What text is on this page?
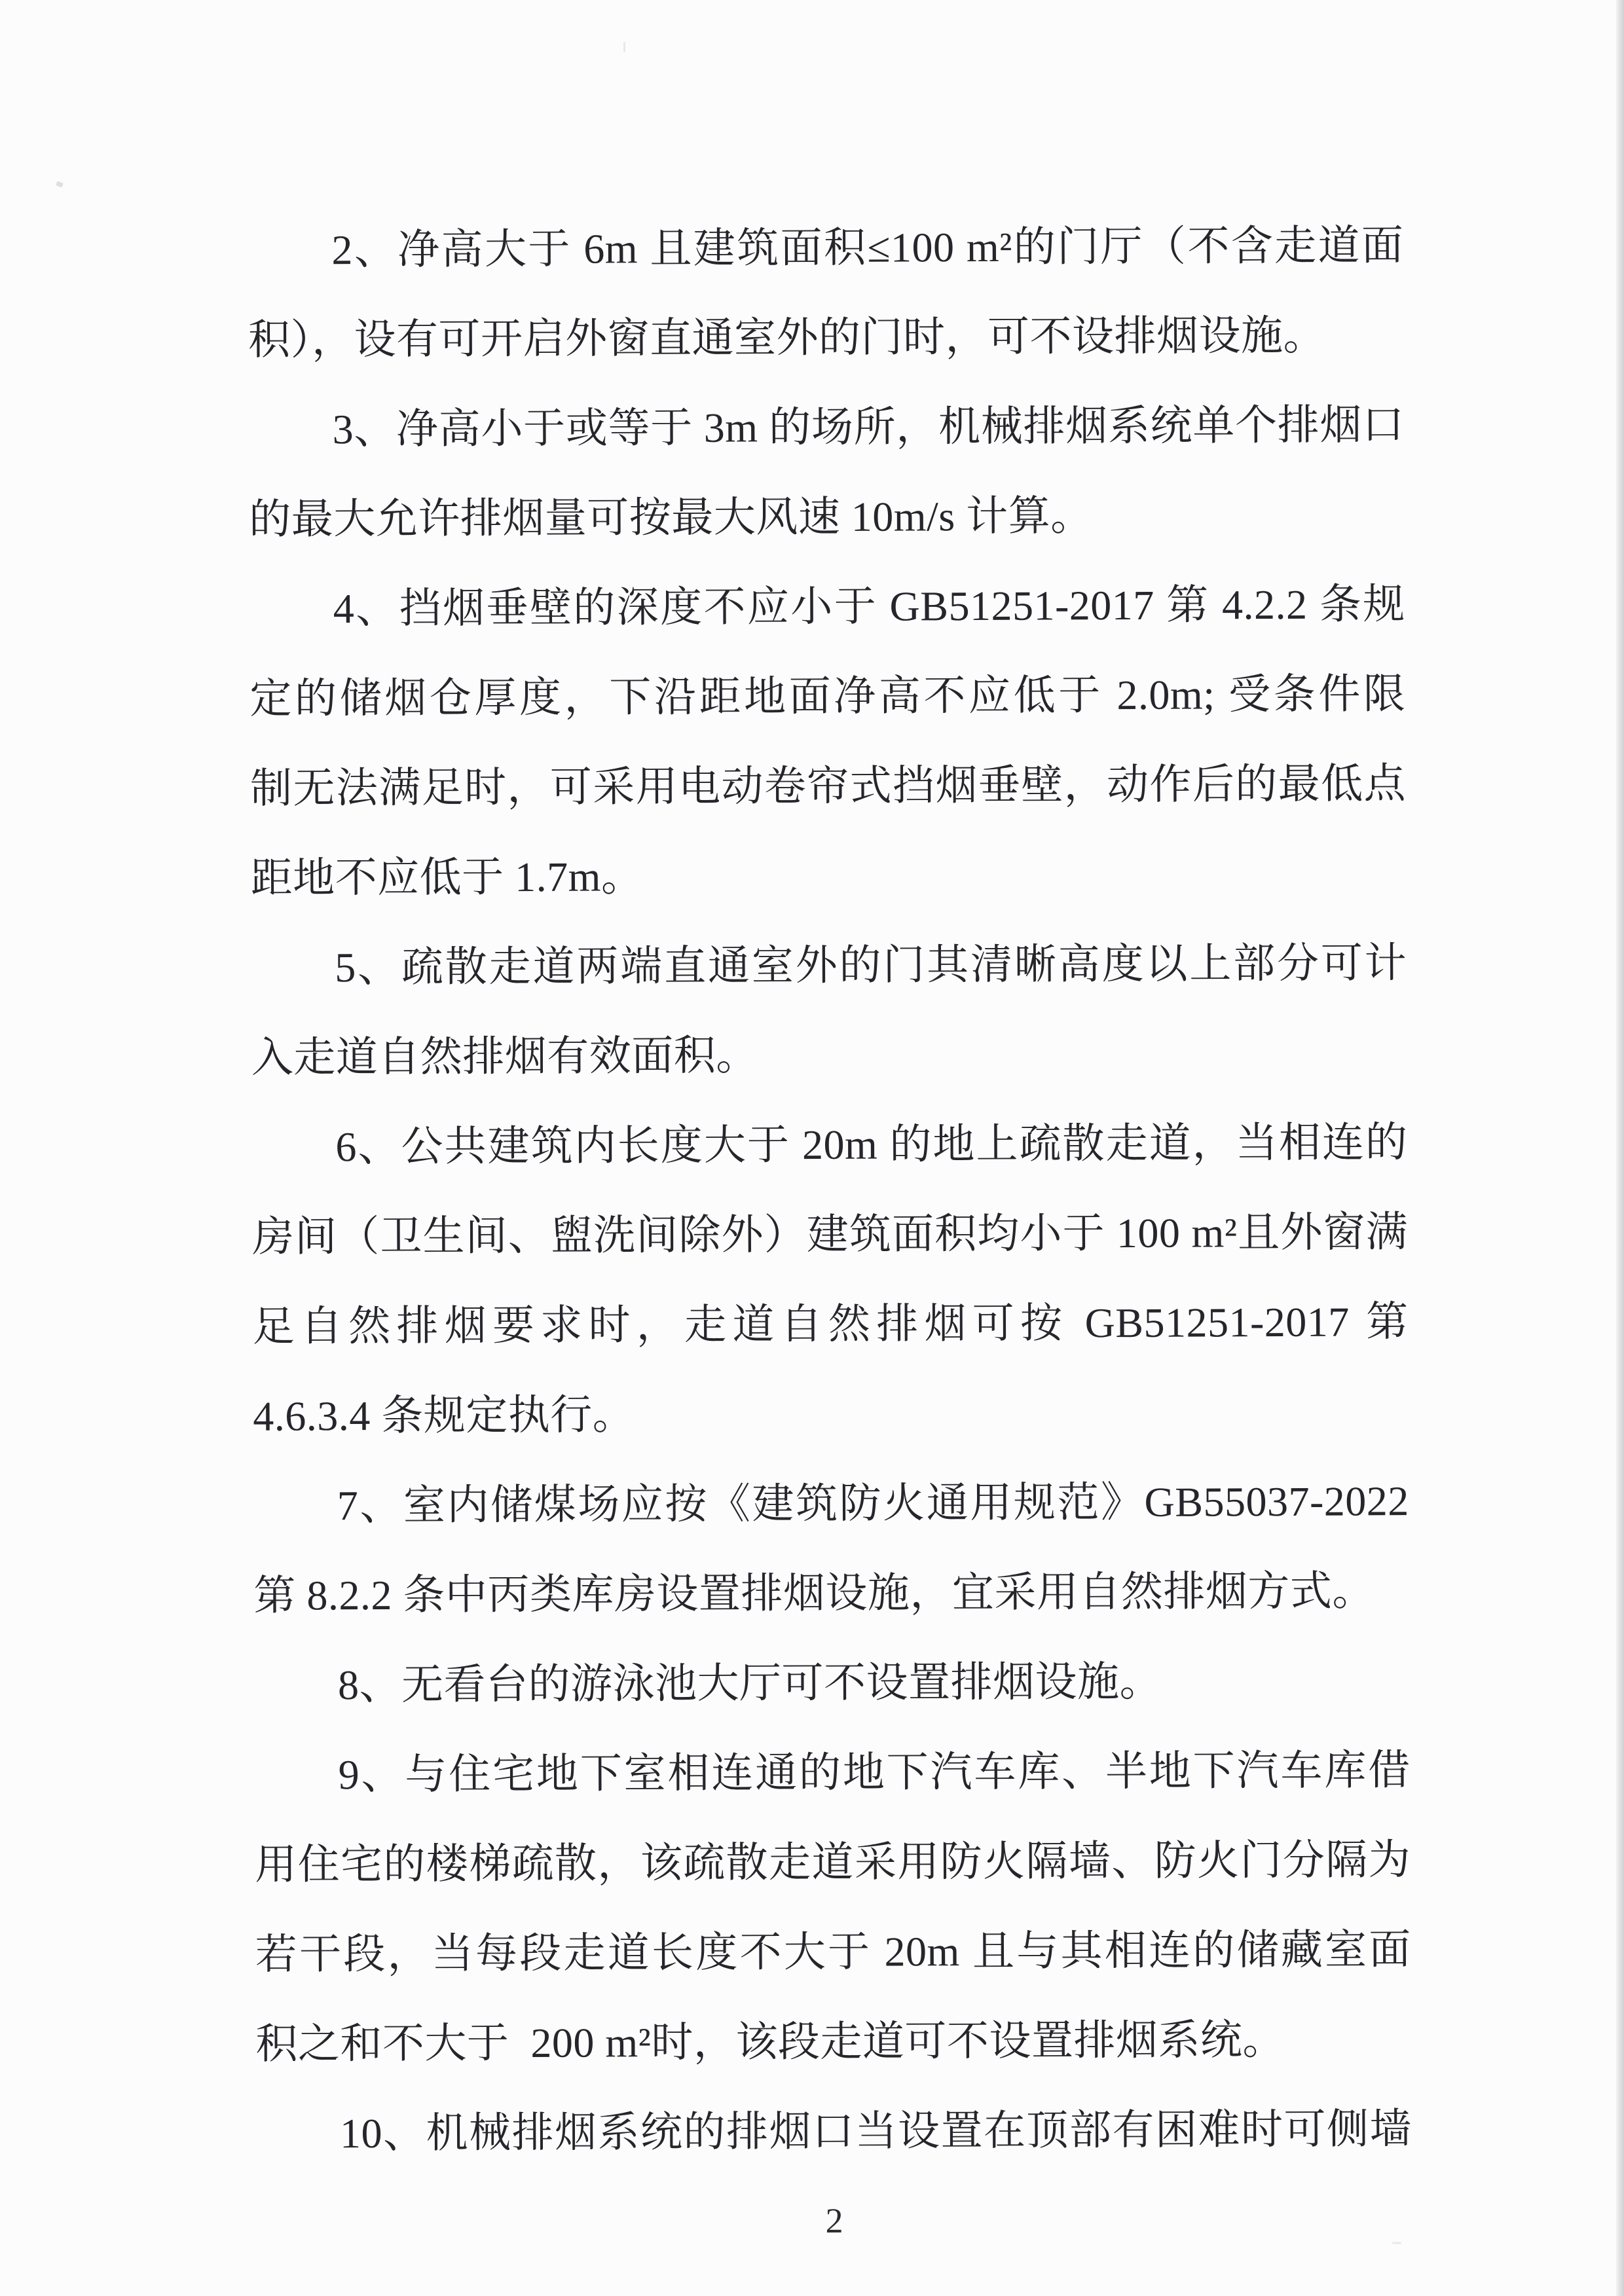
2、净高大于 6m 且建筑面积≤100 m²的门厅（不含走道面
积），设有可开启外窗直通室外的门时，可不设排烟设施。
3、净高小于或等于 3m 的场所，机械排烟系统单个排烟口
的最大允许排烟量可按最大风速 10m/s 计算。
4、挡烟垂壁的深度不应小于 GB51251-2017 第 4.2.2 条规
定的储烟仓厚度，下沿距地面净高不应低于 2.0m; 受条件限
制无法满足时，可采用电动卷帘式挡烟垂壁，动作后的最低点
距地不应低于 1.7m。
5、疏散走道两端直通室外的门其清晰高度以上部分可计
入走道自然排烟有效面积。
6、公共建筑内长度大于 20m 的地上疏散走道，当相连的
房间（卫生间、盥洗间除外）建筑面积均小于 100 m²且外窗满
足自然排烟要求时，走道自然排烟可按 GB51251-2017 第
4.6.3.4 条规定执行。
7、室内储煤场应按《建筑防火通用规范》GB55037-2022
第 8.2.2 条中丙类库房设置排烟设施，宜采用自然排烟方式。
8、无看台的游泳池大厅可不设置排烟设施。
9、与住宅地下室相连通的地下汽车库、半地下汽车库借
用住宅的楼梯疏散，该疏散走道采用防火隔墙、防火门分隔为
若干段，当每段走道长度不大于 20m 且与其相连的储藏室面
积之和不大于  200 m²时，该段走道可不设置排烟系统。
10、机械排烟系统的排烟口当设置在顶部有困难时可侧墙
2
